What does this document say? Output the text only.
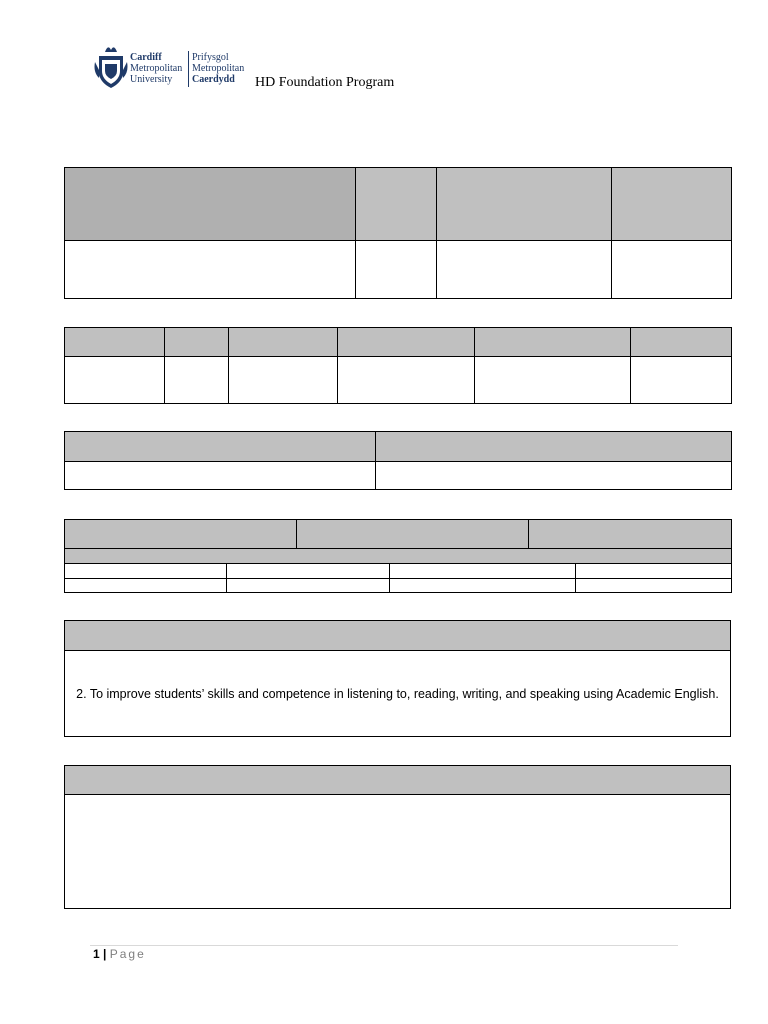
Cardiff
Metropolitan
University
Prifysgol
Metropolitan
Caerdydd	HD Foundation Program

2. To improve students’ skills and competence in listening to, reading, writing, and speaking using Academic English.

1 | Page
